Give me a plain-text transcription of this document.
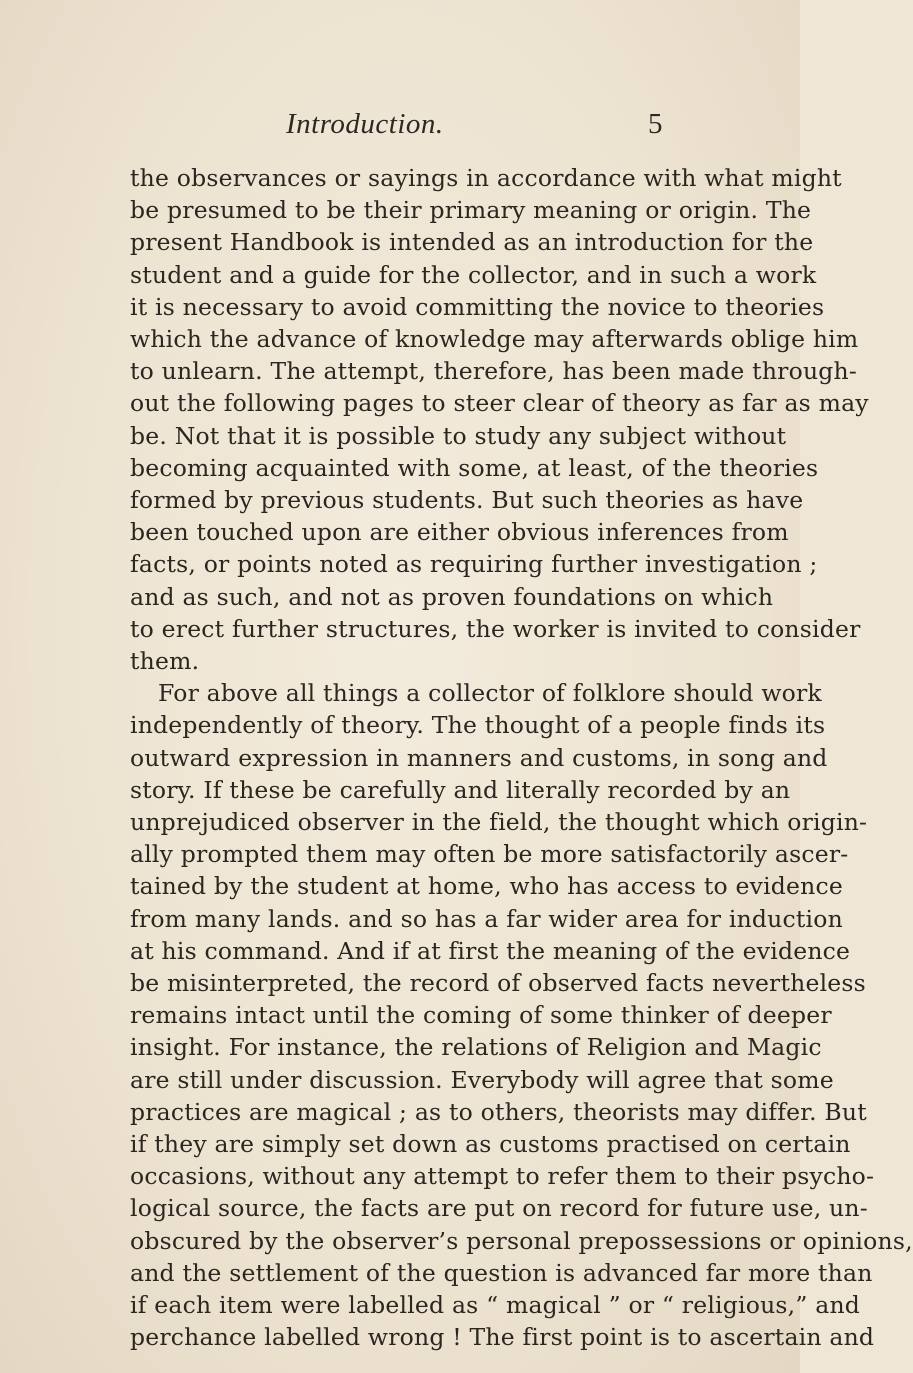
Introduction.	5
the observances or sayings in accordance with what might
be presumed to be their primary meaning or origin. The
present Handbook is intended as an introduction for the
student and a guide for the collector, and in such a work
it is necessary to avoid committing the novice to theories
which the advance of knowledge may afterwards oblige him
to unlearn. The attempt, therefore, has been made through-
out the following pages to steer clear of theory as far as may
be. Not that it is possible to study any subject without
becoming acquainted with some, at least, of the theories
formed by previous students. But such theories as have
been touched upon are either obvious inferences from
facts, or points noted as requiring further investigation ;
and as such, and not as proven foundations on which
to erect further structures, the worker is invited to consider
them.
For above all things a collector of folklore should work
independently of theory. The thought of a people finds its
outward expression in manners and customs, in song and
story. If these be carefully and literally recorded by an
unprejudiced observer in the field, the thought which origin-
ally prompted them may often be more satisfactorily ascer-
tained by the student at home, who has access to evidence
from many lands. and so has a far wider area for induction
at his command. And if at first the meaning of the evidence
be misinterpreted, the record of observed facts nevertheless
remains intact until the coming of some thinker of deeper
insight. For instance, the relations of Religion and Magic
are still under discussion. Everybody will agree that some
practices are magical ; as to others, theorists may differ. But
if they are simply set down as customs practised on certain
occasions, without any attempt to refer them to their psycho-
logical source, the facts are put on record for future use, un-
obscured by the observer’s personal prepossessions or opinions,
and the settlement of the question is advanced far more than
if each item were labelled as “ magical ” or “ religious,” and
perchance labelled wrong ! The first point is to ascertain and
